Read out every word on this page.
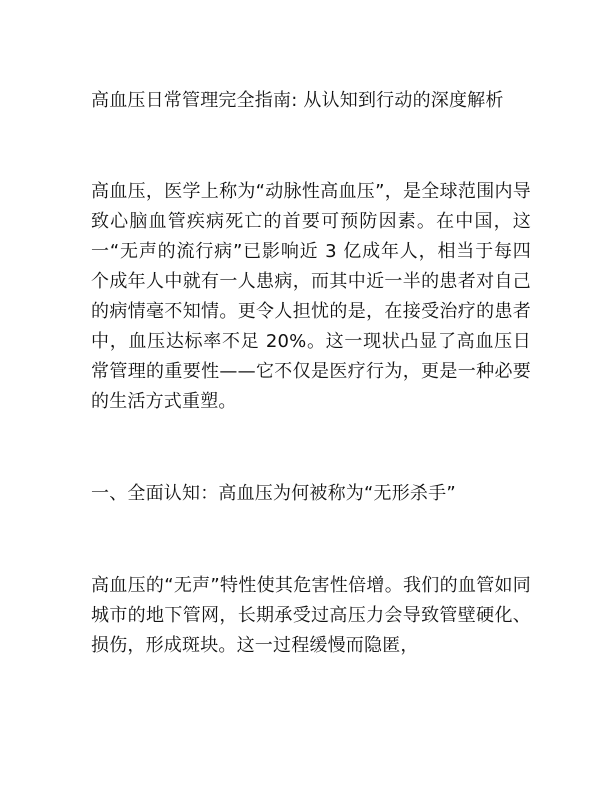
高血压日常管理完全指南: 从认知到行动的深度解析

高血压，医学上称为“动脉性高血压”，是全球范围内导致心脑血管疾病死亡的首要可预防因素。在中国，这一“无声的流行病”已影响近 3 亿成年人，相当于每四个成年人中就有一人患病，而其中近一半的患者对自己的病情毫不知情。更令人担忧的是，在接受治疗的患者中，血压达标率不足 20%。这一现状凸显了高血压日常管理的重要性——它不仅是医疗行为，更是一种必要的生活方式重塑。

一、全面认知：高血压为何被称为“无形杀手”

高血压的“无声”特性使其危害性倍增。我们的血管如同城市的地下管网，长期承受过高压力会导致管壁硬化、损伤，形成斑块。这一过程缓慢而隐匿，
